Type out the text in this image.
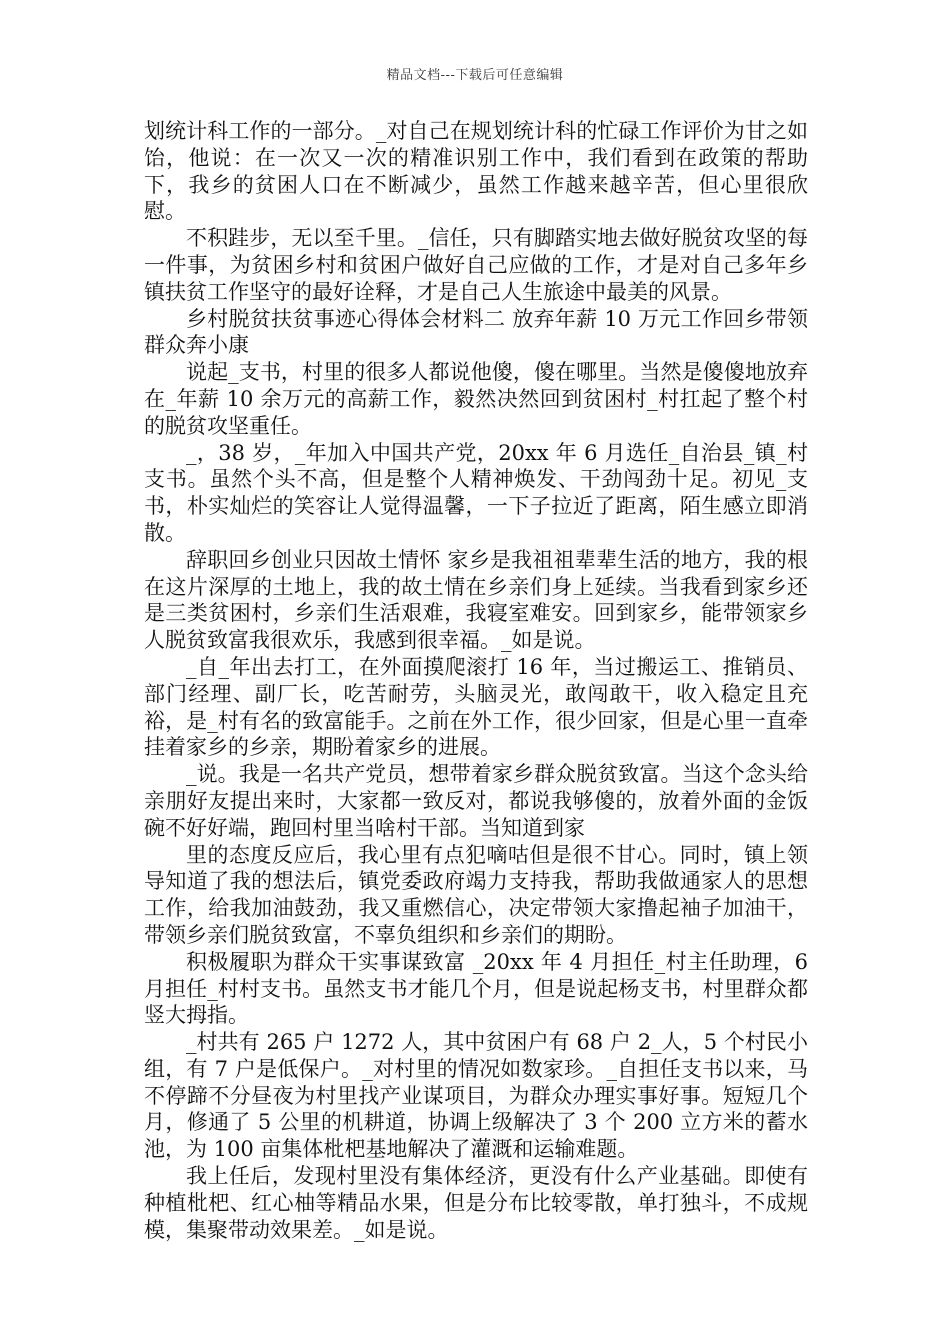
精品文档---下载后可任意编辑

划统计科工作的一部分。_对自己在规划统计科的忙碌工作评价为甘之如饴，他说：在一次又一次的精准识别工作中，我们看到在政策的帮助下，我乡的贫困人口在不断减少，虽然工作越来越辛苦，但心里很欣慰。

不积跬步，无以至千里。_信任，只有脚踏实地去做好脱贫攻坚的每一件事，为贫困乡村和贫困户做好自己应做的工作，才是对自己多年乡镇扶贫工作坚守的最好诠释，才是自己人生旅途中最美的风景。

乡村脱贫扶贫事迹心得体会材料二 放弃年薪 10 万元工作回乡带领群众奔小康

说起_支书，村里的很多人都说他傻，傻在哪里。当然是傻傻地放弃在_年薪 10 余万元的高薪工作，毅然决然回到贫困村_村扛起了整个村的脱贫攻坚重任。

_，38 岁，_年加入中国共产党，20xx 年 6 月选任_自治县_镇_村支书。虽然个头不高，但是整个人精神焕发、干劲闯劲十足。初见_支书，朴实灿烂的笑容让人觉得温馨，一下子拉近了距离，陌生感立即消散。

辞职回乡创业只因故土情怀 家乡是我祖祖辈辈生活的地方，我的根在这片深厚的土地上，我的故土情在乡亲们身上延续。当我看到家乡还是三类贫困村，乡亲们生活艰难，我寝室难安。回到家乡，能带领家乡人脱贫致富我很欢乐，我感到很幸福。_如是说。

_自_年出去打工，在外面摸爬滚打 16 年，当过搬运工、推销员、部门经理、副厂长，吃苦耐劳，头脑灵光，敢闯敢干，收入稳定且充裕，是_村有名的致富能手。之前在外工作，很少回家，但是心里一直牵挂着家乡的乡亲，期盼着家乡的进展。

_说。我是一名共产党员，想带着家乡群众脱贫致富。当这个念头给亲朋好友提出来时，大家都一致反对，都说我够傻的，放着外面的金饭碗不好好端，跑回村里当啥村干部。当知道到家

里的态度反应后，我心里有点犯嘀咕但是很不甘心。同时，镇上领导知道了我的想法后，镇党委政府竭力支持我，帮助我做通家人的思想工作，给我加油鼓劲，我又重燃信心，决定带领大家撸起袖子加油干，带领乡亲们脱贫致富，不辜负组织和乡亲们的期盼。

积极履职为群众干实事谋致富 _20xx 年 4 月担任_村主任助理，6 月担任_村村支书。虽然支书才能几个月，但是说起杨支书，村里群众都竖大拇指。

_村共有 265 户 1272 人，其中贫困户有 68 户 2_人，5 个村民小组，有 7 户是低保户。_对村里的情况如数家珍。_自担任支书以来，马不停蹄不分昼夜为村里找产业谋项目，为群众办理实事好事。短短几个月，修通了 5 公里的机耕道，协调上级解决了 3 个 200 立方米的蓄水池，为 100 亩集体枇杷基地解决了灌溉和运输难题。

我上任后，发现村里没有集体经济，更没有什么产业基础。即使有种植枇杷、红心柚等精品水果，但是分布比较零散，单打独斗，不成规模，集聚带动效果差。_如是说。
